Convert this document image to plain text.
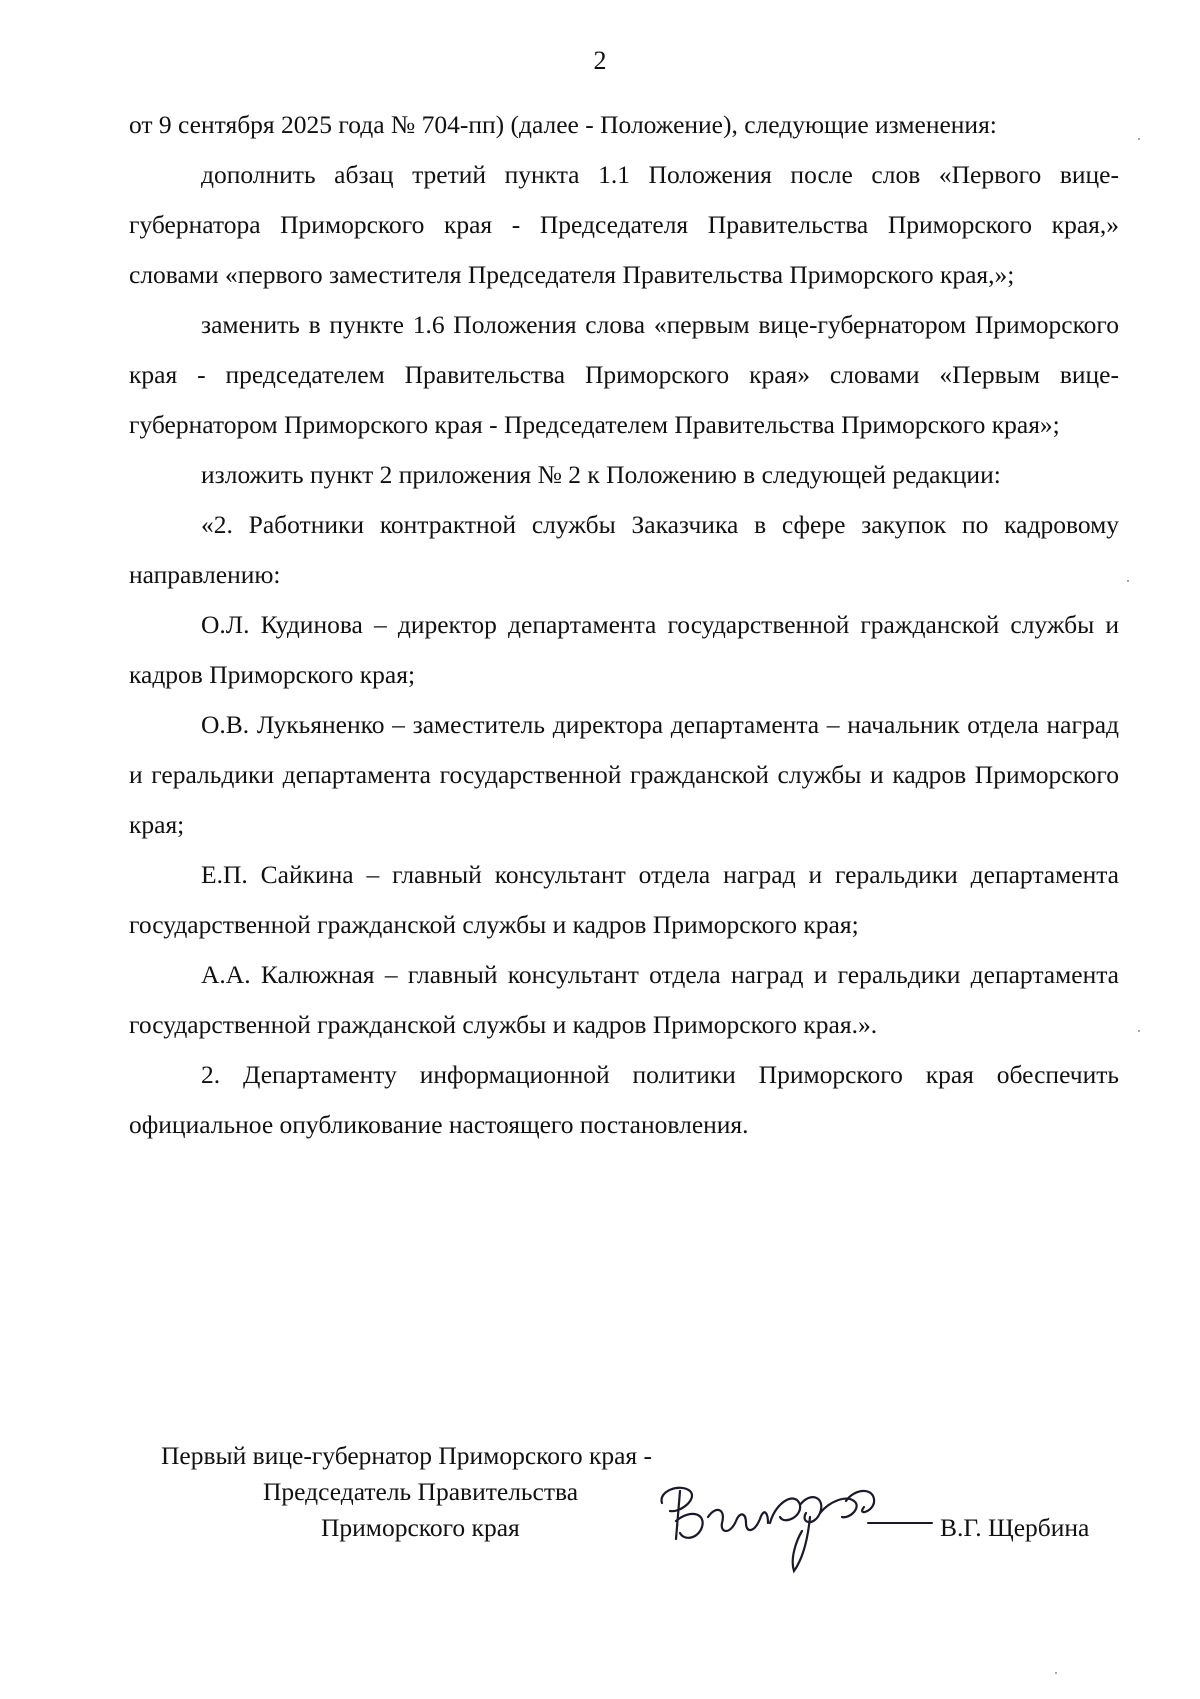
2

от 9 сентября 2025 года № 704-пп) (далее - Положение), следующие изменения:

дополнить абзац третий пункта 1.1 Положения после слов «Первого вице-губернатора Приморского края - Председателя Правительства Приморского края,» словами «первого заместителя Председателя Правительства Приморского края,»;

заменить в пункте 1.6 Положения слова «первым вице-губернатором Приморского края - председателем Правительства Приморского края» словами «Первым вице-губернатором Приморского края - Председателем Правительства Приморского края»;

изложить пункт 2 приложения № 2 к Положению в следующей редакции:

«2. Работники контрактной службы Заказчика в сфере закупок по кадровому направлению:

О.Л. Кудинова – директор департамента государственной гражданской службы и кадров Приморского края;

О.В. Лукьяненко – заместитель директора департамента – начальник отдела наград и геральдики департамента государственной гражданской службы и кадров Приморского края;

Е.П. Сайкина – главный консультант отдела наград и геральдики департамента государственной гражданской службы и кадров Приморского края;

А.А. Калюжная – главный консультант отдела наград и геральдики департамента государственной гражданской службы и кадров Приморского края.».

2. Департаменту информационной политики Приморского края обеспечить официальное опубликование настоящего постановления.

Первый вице-губернатор Приморского края -
Председатель Правительства
Приморского края	В.Г. Щербина
